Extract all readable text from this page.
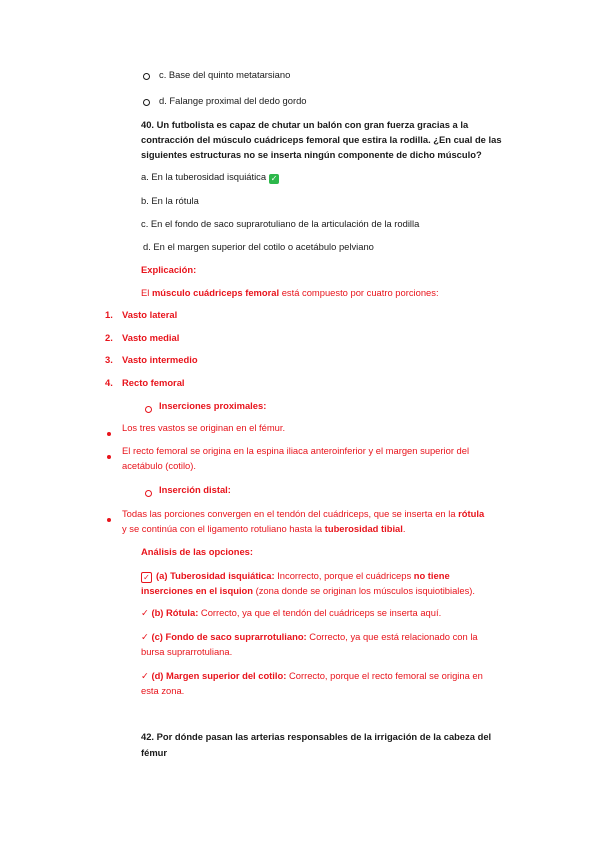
c. Base del quinto metatarsiano
d. Falange proximal del dedo gordo
40. Un futbolista es capaz de chutar un balón con gran fuerza gracias a la
contracción del músculo cuádriceps femoral que estira la rodilla. ¿En cual de las
siguientes estructuras no se inserta ningún componente de dicho músculo?
a. En la tuberosidad isquiática ✓
b. En la rótula
c. En el fondo de saco suprarotuliano de la articulación de la rodilla
d. En el margen superior del cotilo o acetábulo pelviano
Explicación:
El músculo cuádriceps femoral está compuesto por cuatro porciones:
1. Vasto lateral
2. Vasto medial
3. Vasto intermedio
4. Recto femoral
Inserciones proximales:
Los tres vastos se originan en el fémur.
El recto femoral se origina en la espina iliaca anteroinferior y el margen superior del
acetábulo (cotilo).
Inserción distal:
Todas las porciones convergen en el tendón del cuádriceps, que se inserta en la rótula
y se continúa con el ligamento rotuliano hasta la tuberosidad tibial.
Análisis de las opciones:
✓ (a) Tuberosidad isquiática: Incorrecto, porque el cuádriceps no tiene
inserciones en el isquion (zona donde se originan los músculos isquiotibiales).
✓ (b) Rótula: Correcto, ya que el tendón del cuádriceps se inserta aquí.
✓ (c) Fondo de saco suprarrotuliano: Correcto, ya que está relacionado con la
bursa suprarrotuliana.
✓ (d) Margen superior del cotilo: Correcto, porque el recto femoral se origina en
esta zona.
42. Por dónde pasan las arterias responsables de la irrigación de la cabeza del
fémur
